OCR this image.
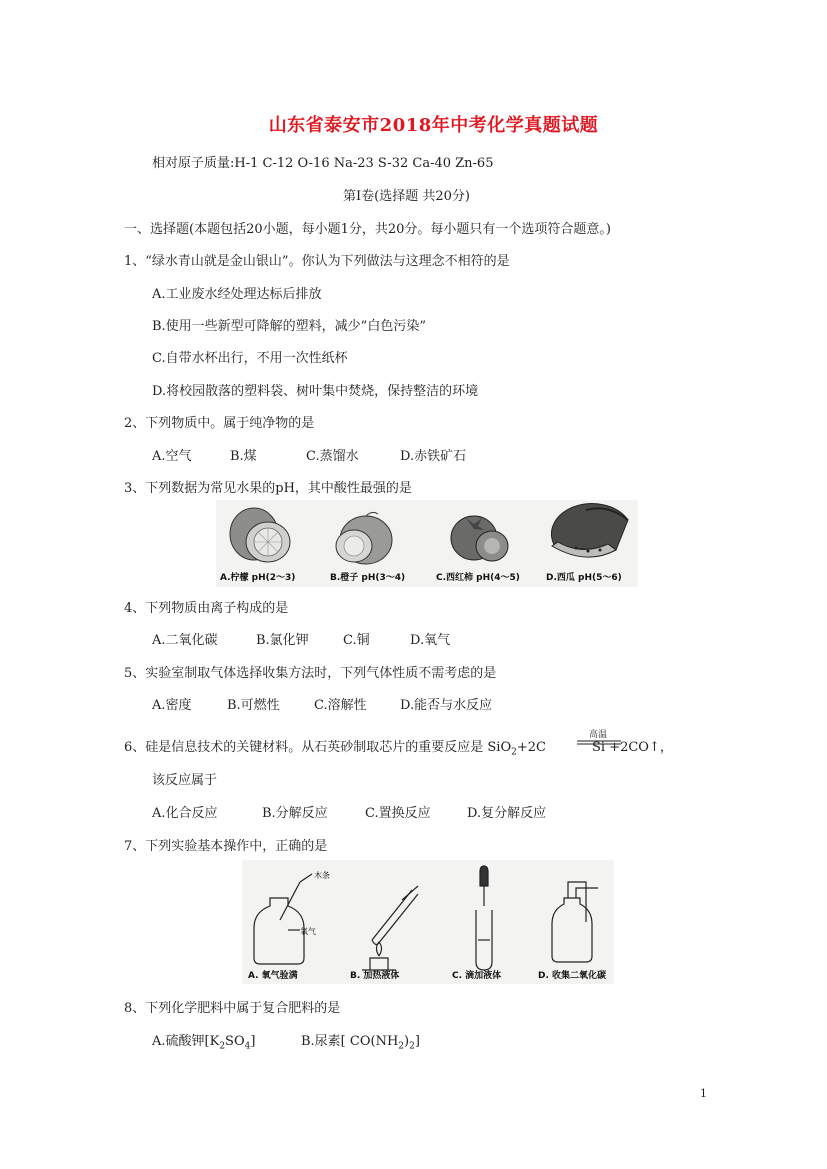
山东省泰安市2018年中考化学真题试题
相对原子质量:H-1 C-12 O-16 Na-23 S-32 Ca-40 Zn-65
第Ⅰ卷(选择题 共20分)
一、选择题(本题包括20小题，每小题1分，共20分。每小题只有一个选项符合题意。)
1、“绿水青山就是金山银山”。你认为下列做法与这理念不相符的是
A.工业废水经处理达标后排放
B.使用一些新型可降解的塑料，减少”白色污染”
C.自带水杯出行，不用一次性纸杯
D.将校园散落的塑料袋、树叶集中焚烧，保持整洁的环境
2、下列物质中。属于纯净物的是
A.空气	B.煤	C.蒸馏水	D.赤铁矿石
3、下列数据为常见水果的pH，其中酸性最强的是
A.柠檬 pH(2～3)	B.橙子 pH(3～4)	C.西红柿 pH(4～5)	D.西瓜 pH(5～6)
4、下列物质由离子构成的是
A.二氧化碳	B.氯化钾	C.铜	D.氧气
5、实验室制取气体选择收集方法时，下列气体性质不需考虑的是
A.密度	B.可燃性	C.溶解性	D.能否与水反应
6、硅是信息技术的关键材料。从石英砂制取芯片的重要反应是 SiO$_2$+2C	Si +2CO↑，
高温
该反应属于
A.化合反应	B.分解反应	C.置换反应	D.复分解反应
7、下列实验基本操作中，正确的是
木条
氧气
A. 氧气验满	B. 加热液体	C. 滴加液体	D. 收集二氧化碳
8、下列化学肥料中属于复合肥料的是
A.硫酸钾$[K_2SO_4]$	B.尿素[ $CO(NH_2)_2$]
1
